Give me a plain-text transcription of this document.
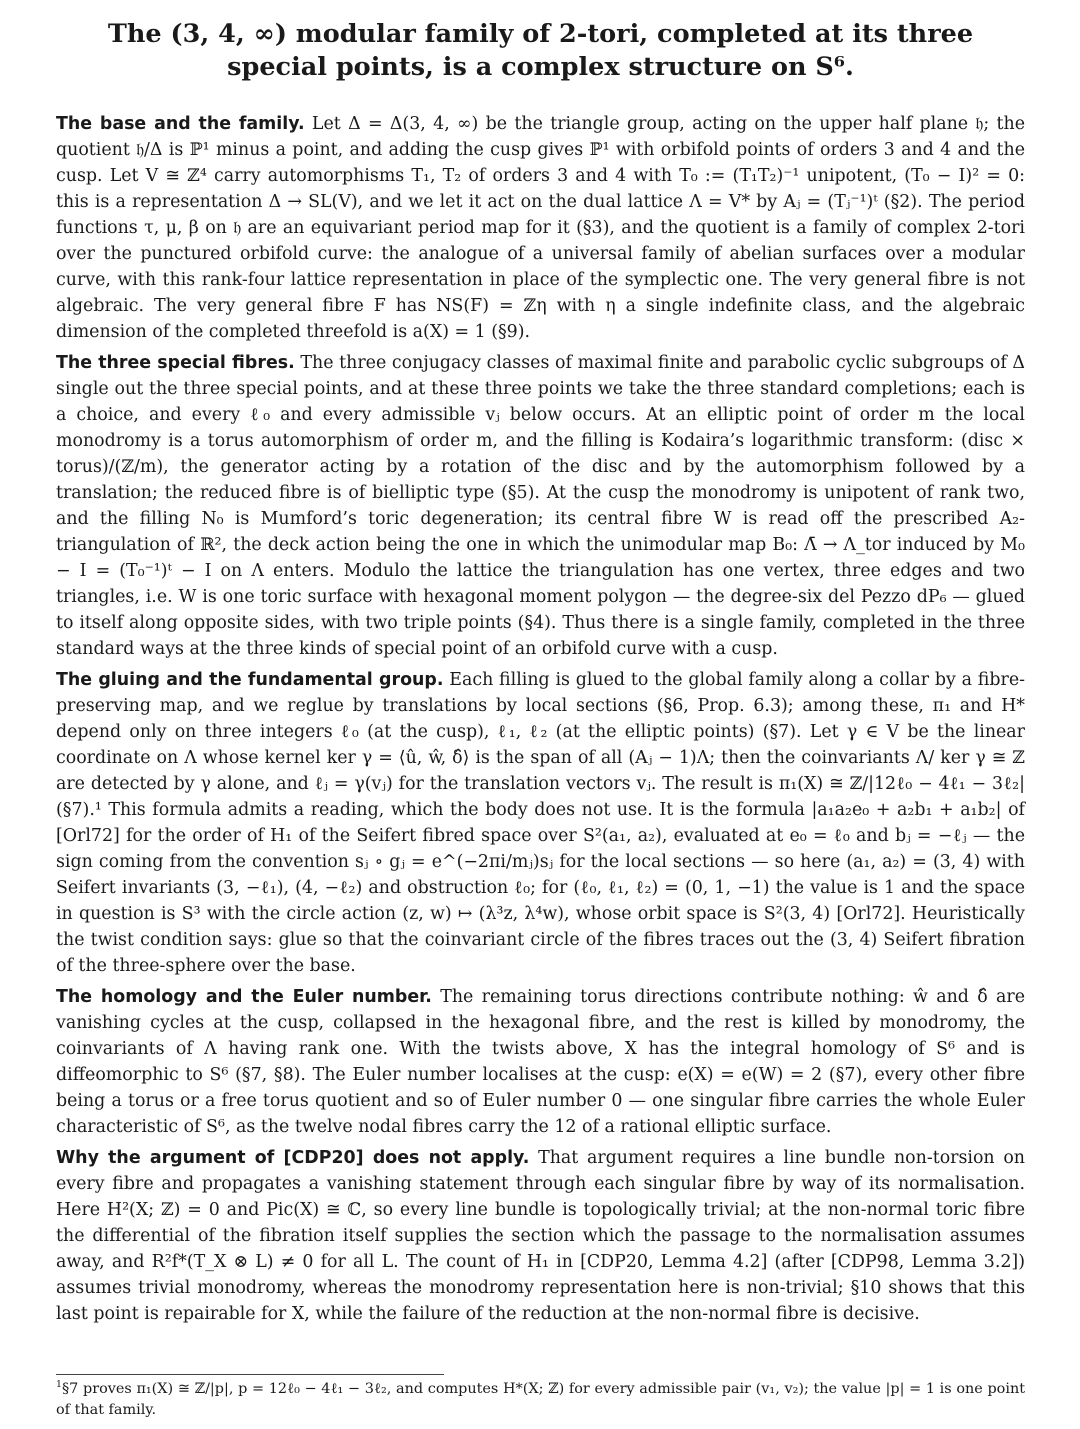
The (3, 4, ∞) modular family of 2-tori, completed at its three special points, is a complex structure on S⁶.

The base and the family. Let Δ = Δ(3, 4, ∞) be the triangle group, acting on the upper half plane 𝔥; the quotient 𝔥/Δ is ℙ¹ minus a point, and adding the cusp gives ℙ¹ with orbifold points of orders 3 and 4 and the cusp. Let V ≅ ℤ⁴ carry automorphisms T₁, T₂ of orders 3 and 4 with T₀ := (T₁T₂)⁻¹ unipotent, (T₀ − I)² = 0: this is a representation Δ → SL(V), and we let it act on the dual lattice Λ = V* by Aⱼ = (Tⱼ⁻¹)ᵗ (§2). The period functions τ, μ, β on 𝔥 are an equivariant period map for it (§3), and the quotient is a family of complex 2-tori over the punctured orbifold curve: the analogue of a universal family of abelian surfaces over a modular curve, with this rank-four lattice representation in place of the symplectic one. The very general fibre is not algebraic. The very general fibre F has NS(F) = ℤη with η a single indefinite class, and the algebraic dimension of the completed threefold is a(X) = 1 (§9).

The three special fibres. The three conjugacy classes of maximal finite and parabolic cyclic subgroups of Δ single out the three special points, and at these three points we take the three standard completions; each is a choice, and every ℓ₀ and every admissible vⱼ below occurs. At an elliptic point of order m the local monodromy is a torus automorphism of order m, and the filling is Kodaira’s logarithmic transform: (disc × torus)/(ℤ/m), the generator acting by a rotation of the disc and by the automorphism followed by a translation; the reduced fibre is of bielliptic type (§5). At the cusp the monodromy is unipotent of rank two, and the filling N₀ is Mumford’s toric degeneration; its central fibre W is read off the prescribed A₂-triangulation of ℝ², the deck action being the one in which the unimodular map B₀: Λ̄ → Λ_tor induced by M₀ − I = (T₀⁻¹)ᵗ − I on Λ enters. Modulo the lattice the triangulation has one vertex, three edges and two triangles, i.e. W is one toric surface with hexagonal moment polygon — the degree-six del Pezzo dP₆ — glued to itself along opposite sides, with two triple points (§4). Thus there is a single family, completed in the three standard ways at the three kinds of special point of an orbifold curve with a cusp.

The gluing and the fundamental group. Each filling is glued to the global family along a collar by a fibre-preserving map, and we reglue by translations by local sections (§6, Prop. 6.3); among these, π₁ and H* depend only on three integers ℓ₀ (at the cusp), ℓ₁, ℓ₂ (at the elliptic points) (§7). Let γ ∈ V be the linear coordinate on Λ whose kernel ker γ = ⟨û, ŵ, δ̂⟩ is the span of all (Aⱼ − 1)Λ; then the coinvariants Λ/ ker γ ≅ ℤ are detected by γ alone, and ℓⱼ = γ(vⱼ) for the translation vectors vⱼ. The result is π₁(X) ≅ ℤ/|12ℓ₀ − 4ℓ₁ − 3ℓ₂| (§7).¹ This formula admits a reading, which the body does not use. It is the formula |a₁a₂e₀ + a₂b₁ + a₁b₂| of [Orl72] for the order of H₁ of the Seifert fibred space over S²(a₁, a₂), evaluated at e₀ = ℓ₀ and bⱼ = −ℓⱼ — the sign coming from the convention sⱼ ∘ gⱼ = e^(−2πi/mⱼ)sⱼ for the local sections — so here (a₁, a₂) = (3, 4) with Seifert invariants (3, −ℓ₁), (4, −ℓ₂) and obstruction ℓ₀; for (ℓ₀, ℓ₁, ℓ₂) = (0, 1, −1) the value is 1 and the space in question is S³ with the circle action (z, w) ↦ (λ³z, λ⁴w), whose orbit space is S²(3, 4) [Orl72]. Heuristically the twist condition says: glue so that the coinvariant circle of the fibres traces out the (3, 4) Seifert fibration of the three-sphere over the base.

The homology and the Euler number. The remaining torus directions contribute nothing: ŵ and δ̂ are vanishing cycles at the cusp, collapsed in the hexagonal fibre, and the rest is killed by monodromy, the coinvariants of Λ having rank one. With the twists above, X has the integral homology of S⁶ and is diffeomorphic to S⁶ (§7, §8). The Euler number localises at the cusp: e(X) = e(W) = 2 (§7), every other fibre being a torus or a free torus quotient and so of Euler number 0 — one singular fibre carries the whole Euler characteristic of S⁶, as the twelve nodal fibres carry the 12 of a rational elliptic surface.

Why the argument of [CDP20] does not apply. That argument requires a line bundle non-torsion on every fibre and propagates a vanishing statement through each singular fibre by way of its normalisation. Here H²(X; ℤ) = 0 and Pic(X) ≅ ℂ, so every line bundle is topologically trivial; at the non-normal toric fibre the differential of the fibration itself supplies the section which the passage to the normalisation assumes away, and R²f*(T_X ⊗ L) ≠ 0 for all L. The count of H₁ in [CDP20, Lemma 4.2] (after [CDP98, Lemma 3.2]) assumes trivial monodromy, whereas the monodromy representation here is non-trivial; §10 shows that this last point is repairable for X, while the failure of the reduction at the non-normal fibre is decisive.

$^1$§7 proves π₁(X) ≅ ℤ/|p|, p = 12ℓ₀ − 4ℓ₁ − 3ℓ₂, and computes H*(X; ℤ) for every admissible pair (v₁, v₂); the value |p| = 1 is one point of that family.
